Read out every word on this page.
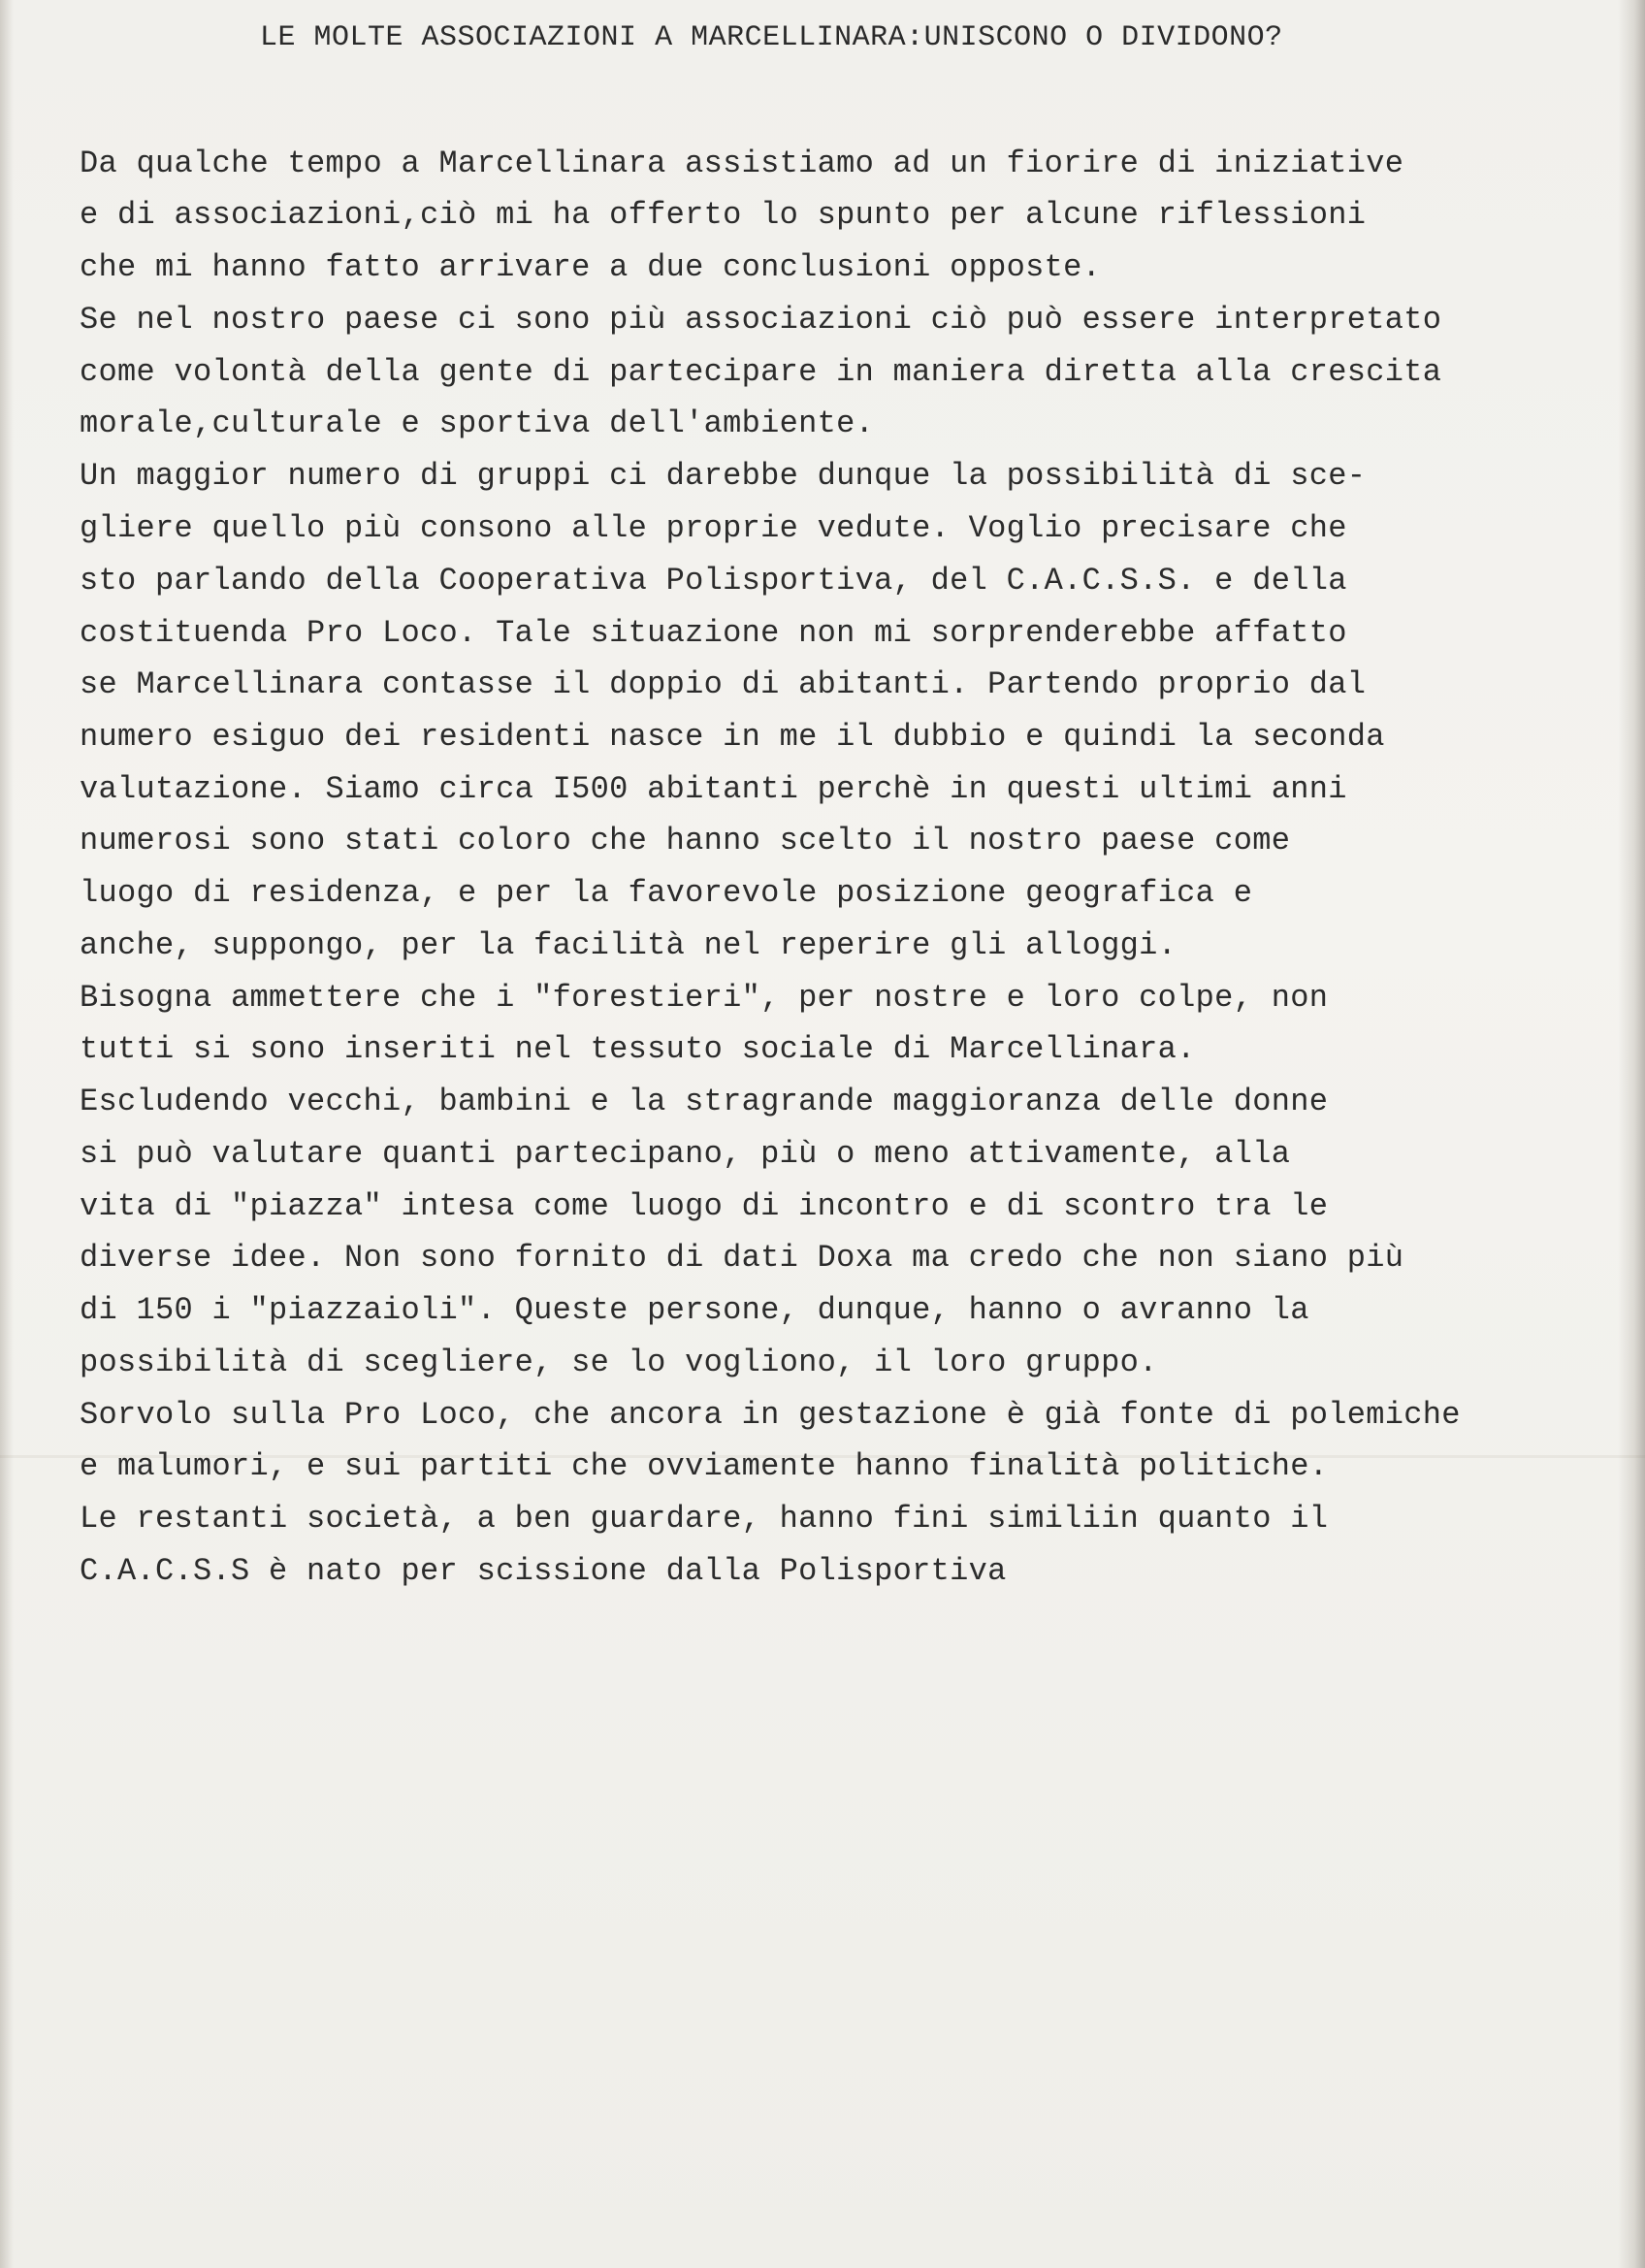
LE MOLTE ASSOCIAZIONI A MARCELLINARA:UNISCONO O DIVIDONO?
Da qualche tempo a Marcellinara assistiamo ad un fiorire di iniziative
e di associazioni,ciò mi ha offerto lo spunto per alcune riflessioni
che mi hanno fatto arrivare a due conclusioni opposte.
Se nel nostro paese ci sono più associazioni ciò può essere interpretato
come volontà della gente di partecipare in maniera diretta alla crescita
morale,culturale e sportiva dell'ambiente.
Un maggior numero di gruppi ci darebbe dunque la possibilità di sce-
gliere quello più consono alle proprie vedute. Voglio precisare che
sto parlando della Cooperativa Polisportiva, del C.A.C.S.S. e della
costituenda Pro Loco. Tale situazione non mi sorprenderebbe affatto
se Marcellinara contasse il doppio di abitanti. Partendo proprio dal
numero esiguo dei residenti nasce in me il dubbio e quindi la seconda
valutazione. Siamo circa I500 abitanti perchè in questi ultimi anni
numerosi sono stati coloro che hanno scelto il nostro paese come
luogo di residenza, e per la favorevole posizione geografica e
anche, suppongo, per la facilità nel reperire gli alloggi.
Bisogna ammettere che i "forestieri", per nostre e loro colpe, non
tutti si sono inseriti nel tessuto sociale di Marcellinara.
Escludendo vecchi, bambini e la stragrande maggioranza delle donne
si può valutare quanti partecipano, più o meno attivamente, alla
vita di "piazza" intesa come luogo di incontro e di scontro tra le
diverse idee. Non sono fornito di dati Doxa ma credo che non siano più
di 150 i "piazzaioli". Queste persone, dunque, hanno o avranno la
possibilità di scegliere, se lo vogliono, il loro gruppo.
Sorvolo sulla Pro Loco, che ancora in gestazione è già fonte di polemiche
e malumori, e sui partiti che ovviamente hanno finalità politiche.
Le restanti società, a ben guardare, hanno fini similiin quanto il
C.A.C.S.S è nato per scissione dalla Polisportiva
